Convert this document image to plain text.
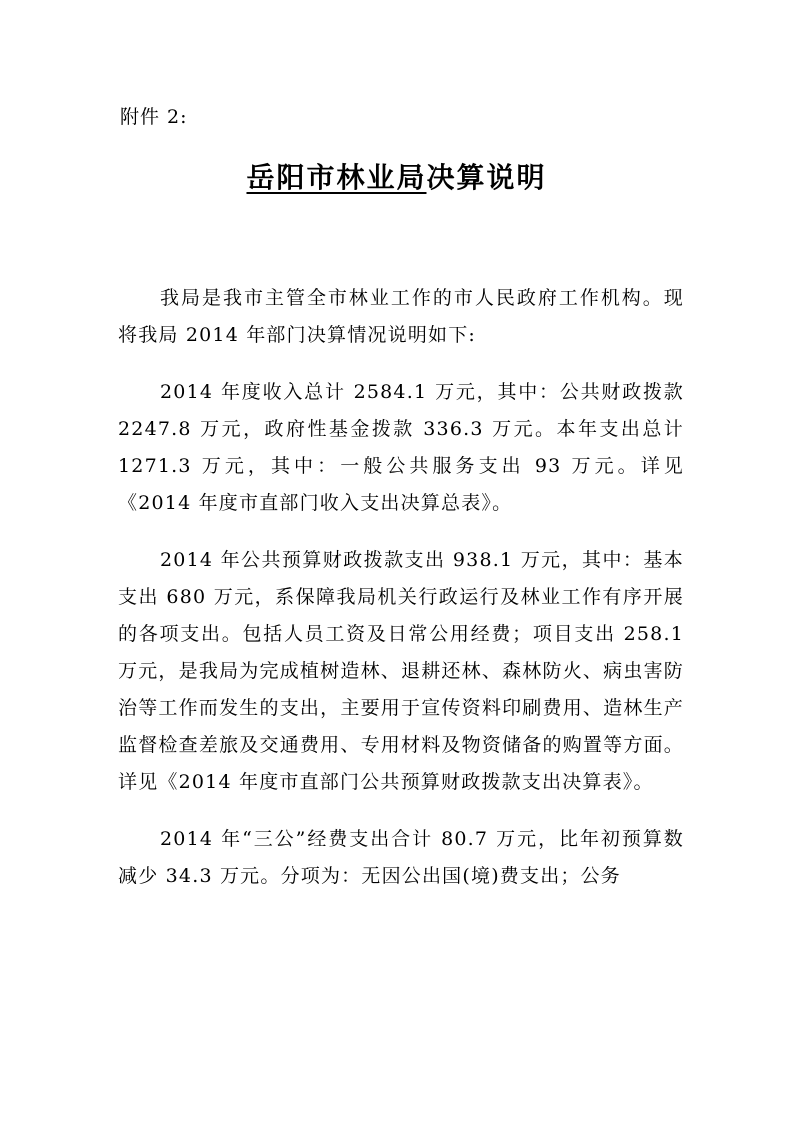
附件 2:

岳阳市林业局决算说明

我局是我市主管全市林业工作的市人民政府工作机构。现将我局 2014 年部门决算情况说明如下:

2014 年度收入总计 2584.1 万元，其中：公共财政拨款 2247.8 万元，政府性基金拨款 336.3 万元。本年支出总计 1271.3 万元，其中：一般公共服务支出 93 万元。详见《2014 年度市直部门收入支出决算总表》。

2014 年公共预算财政拨款支出 938.1 万元，其中：基本支出 680 万元，系保障我局机关行政运行及林业工作有序开展的各项支出。包括人员工资及日常公用经费；项目支出 258.1 万元，是我局为完成植树造林、退耕还林、森林防火、病虫害防治等工作而发生的支出，主要用于宣传资料印刷费用、造林生产监督检查差旅及交通费用、专用材料及物资储备的购置等方面。详见《2014 年度市直部门公共预算财政拨款支出决算表》。

2014 年“三公”经费支出合计 80.7 万元，比年初预算数减少 34.3 万元。分项为：无因公出国(境)费支出；公务
